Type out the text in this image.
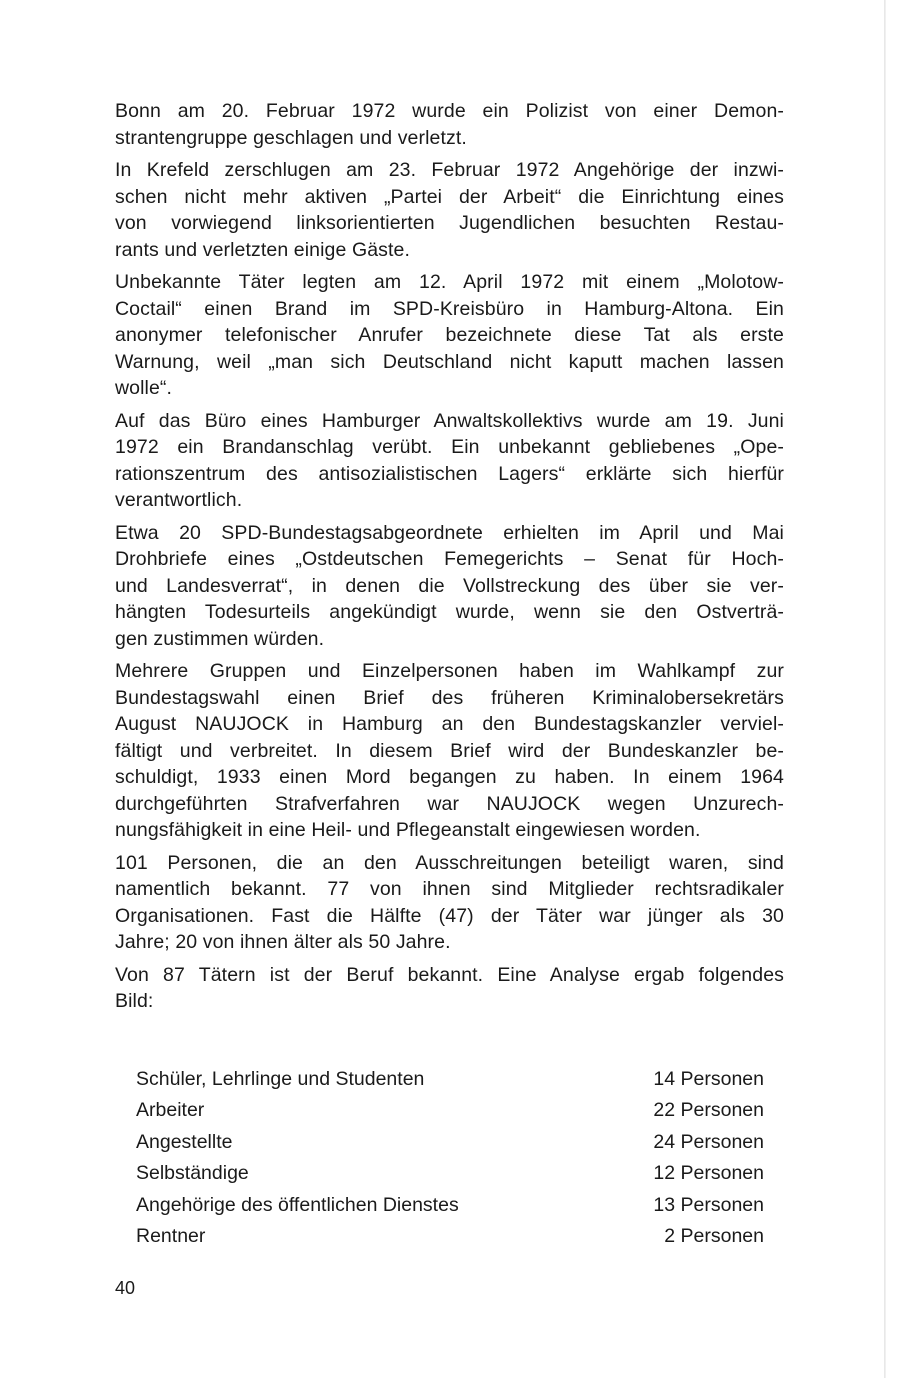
Bonn am 20. Februar 1972 wurde ein Polizist von einer Demon-
strantengruppe geschlagen und verletzt.

In Krefeld zerschlugen am 23. Februar 1972 Angehörige der inzwi-
schen nicht mehr aktiven „Partei der Arbeit“ die Einrichtung eines
von vorwiegend linksorientierten Jugendlichen besuchten Restau-
rants und verletzten einige Gäste.

Unbekannte Täter legten am 12. April 1972 mit einem „Molotow-
Coctail“ einen Brand im SPD-Kreisbüro in Hamburg-Altona. Ein
anonymer telefonischer Anrufer bezeichnete diese Tat als erste
Warnung, weil „man sich Deutschland nicht kaputt machen lassen
wolle“.

Auf das Büro eines Hamburger Anwaltskollektivs wurde am 19. Juni
1972 ein Brandanschlag verübt. Ein unbekannt gebliebenes „Ope-
rationszentrum des antisozialistischen Lagers“ erklärte sich hierfür
verantwortlich.

Etwa 20 SPD-Bundestagsabgeordnete erhielten im April und Mai
Drohbriefe eines „Ostdeutschen Femegerichts – Senat für Hoch-
und Landesverrat“, in denen die Vollstreckung des über sie ver-
hängten Todesurteils angekündigt wurde, wenn sie den Ostverträ-
gen zustimmen würden.

Mehrere Gruppen und Einzelpersonen haben im Wahlkampf zur
Bundestagswahl einen Brief des früheren Kriminalobersekretärs
August NAUJOCK in Hamburg an den Bundestagskanzler verviel-
fältigt und verbreitet. In diesem Brief wird der Bundeskanzler be-
schuldigt, 1933 einen Mord begangen zu haben. In einem 1964
durchgeführten Strafverfahren war NAUJOCK wegen Unzurech-
nungsfähigkeit in eine Heil- und Pflegeanstalt eingewiesen worden.

101 Personen, die an den Ausschreitungen beteiligt waren, sind
namentlich bekannt. 77 von ihnen sind Mitglieder rechtsradikaler
Organisationen. Fast die Hälfte (47) der Täter war jünger als 30
Jahre; 20 von ihnen älter als 50 Jahre.

Von 87 Tätern ist der Beruf bekannt. Eine Analyse ergab folgendes
Bild:

Schüler, Lehrlinge und Studenten	14 Personen
Arbeiter	22 Personen
Angestellte	24 Personen
Selbständige	12 Personen
Angehörige des öffentlichen Dienstes	13 Personen
Rentner	2 Personen
40
